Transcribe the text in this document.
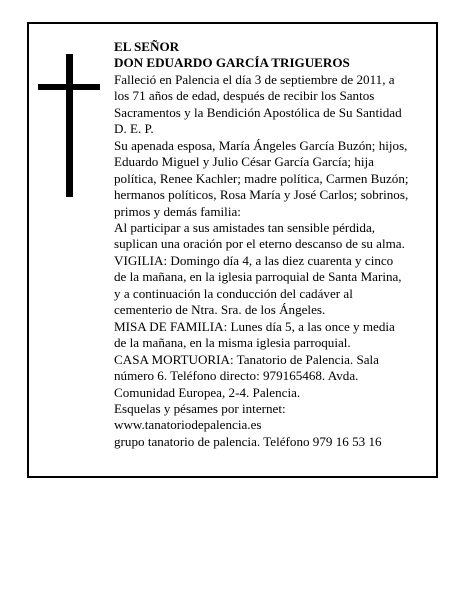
EL SEÑOR
DON EDUARDO GARCÍA TRIGUEROS
Falleció en Palencia el día 3 de septiembre de 2011, a
los 71 años de edad, después de recibir los Santos
Sacramentos y la Bendición Apostólica de Su Santidad
D. E. P.
Su apenada esposa, María Ángeles García Buzón; hijos,
Eduardo Miguel y Julio César García García; hija
política, Renee Kachler; madre política, Carmen Buzón;
hermanos políticos, Rosa María y José Carlos; sobrinos,
primos y demás familia:
Al participar a sus amistades tan sensible pérdida,
suplican una oración por el eterno descanso de su alma.
VIGILIA: Domingo día 4, a las diez cuarenta y cinco
de la mañana, en la iglesia parroquial de Santa Marina,
y a continuación la conducción del cadáver al
cementerio de Ntra. Sra. de los Ángeles.
MISA DE FAMILIA: Lunes día 5, a las once y media
de la mañana, en la misma iglesia parroquial.
CASA MORTUORIA: Tanatorio de Palencia. Sala
número 6. Teléfono directo: 979165468. Avda.
Comunidad Europea, 2-4. Palencia.
Esquelas y pésames por internet:
www.tanatoriodepalencia.es
grupo tanatorio de palencia. Teléfono 979 16 53 16
